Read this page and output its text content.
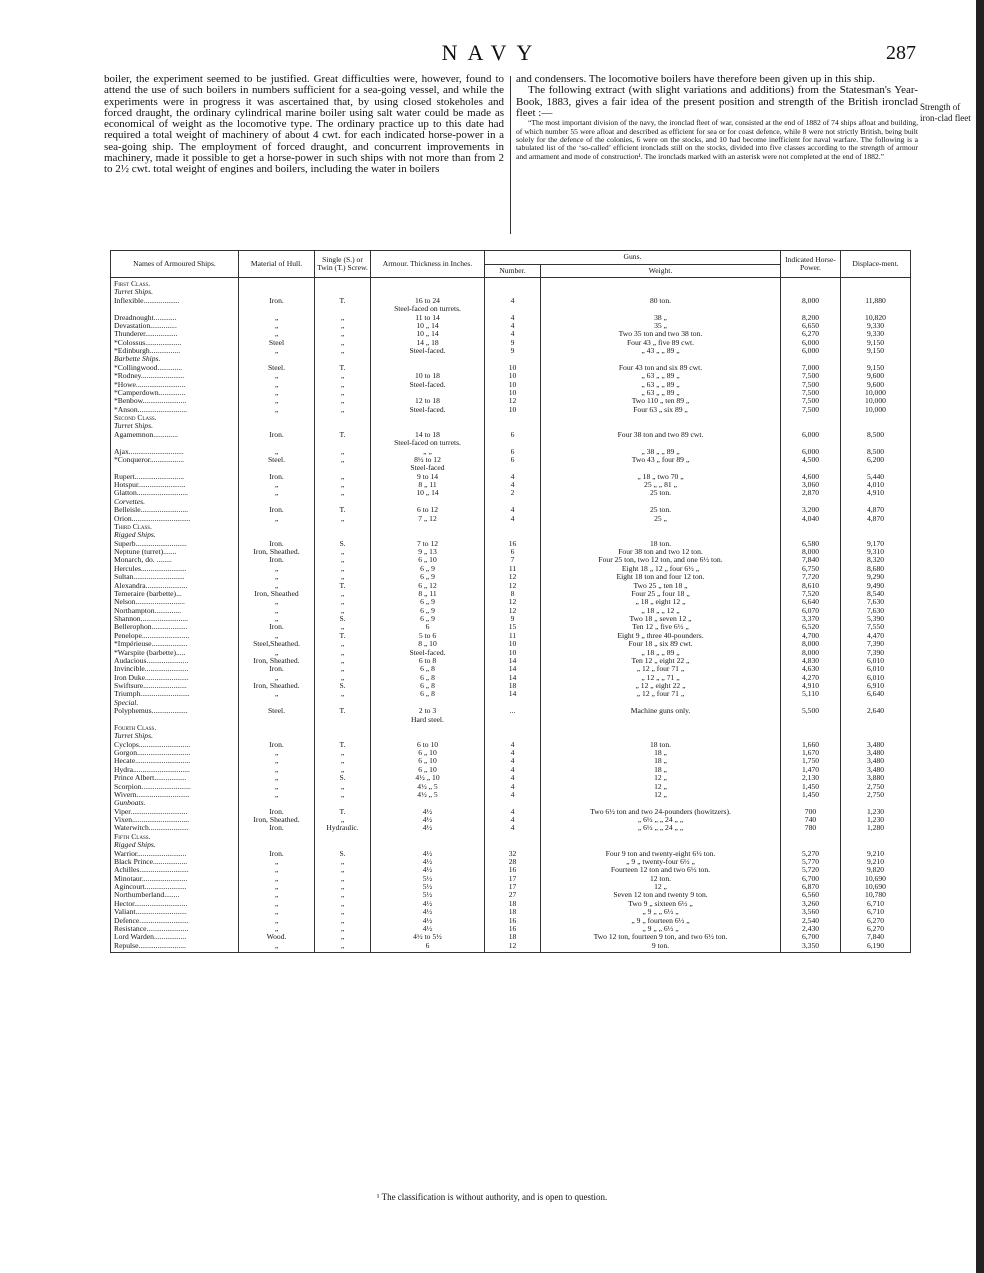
NAVY	287

boiler, the experiment seemed to be justified. Great difficulties were, however, found to attend the use of such boilers in numbers sufficient for a sea-going vessel, and while the experiments were in progress it was ascertained that, by using closed stokeholes and forced draught, the ordinary cylindrical marine boiler using salt water could be made as economical of weight as the locomotive type. The ordinary practice up to this date had required a total weight of machinery of about 4 cwt. for each indicated horse-power in a sea-going ship. The employment of forced draught, and concurrent improvements in machinery, made it possible to get a horse-power in such ships with not more than from 2 to 2½ cwt. total weight of engines and boilers, including the water in boilers

and condensers. The locomotive boilers have therefore been given up in this ship.

The following extract (with slight variations and additions) from the Statesman's Year-Book, 1883, gives a fair idea of the present position and strength of the British ironclad fleet :—

“The most important division of the navy, the ironclad fleet of war, consisted at the end of 1882 of 74 ships afloat and building, of which number 55 were afloat and described as efficient for sea or for coast defence, while 8 were not strictly British, being built solely for the defence of the colonies, 6 were on the stocks, and 10 had become inefficient for naval warfare. The following is a tabulated list of the ‘so-called’ efficient ironclads still on the stocks, divided into five classes according to the strength of armour and armament and mode of construction¹. The ironclads marked with an asterisk were not completed at the end of 1882.”

Strength of iron-clad fleet
Names of Armoured Ships.	Material of Hull.	Single (S.) or Twin (T.) Screw.	Armour. Thickness in Inches.	Guns.		Indicated Horse-Power.	Displace-ment.
				Number.	Weight.		
First Class.							
Turret Ships.							
Inflexible...................	Iron.	T.	16 to 24	4	80 ton.	8,000	11,880
			Steel-faced on turrets.				
Dreadnought............	„	„	11 to 14	4	38 „	8,200	10,820
Devastation..............	„	„	10 „ 14	4	35 „	6,650	9,330
Thunderer.................	„	„	10 „ 14	4	Two 35 ton and two 38 ton.	6,270	9,330
*Colossus...................	Steel	„	14 „ 18	9	Four 43 „ five 89 cwt.	6,000	9,150
*Edinburgh................	„	„	Steel-faced.	9	„ 43 „ „ 89 „	6,000	9,150
Barbette Ships.							
*Collingwood.............	Steel.	T.		10	Four 43 ton and six 89 cwt.	7,000	9,150
*Rodney.......................	„	„	10 to 18	10	„ 63 „ „ 89 „	7,500	9,600
*Howe..........................	„	„	Steel-faced.	10	„ 63 „ „ 89 „	7,500	9,600
*Camperdown..............	„	„		10	„ 63 „ „ 89 „	7,500	10,000
*Benbow.......................	„	„	12 to 18	12	Two 110 „ ten 89 „	7,500	10,000
*Anson..........................	„	„	Steel-faced.	10	Four 63 „ six 89 „	7,500	10,000
Second Class.							
Turret Ships.							
Agamemnon.............	Iron.	T.	14 to 18	6	Four 38 ton and two 89 cwt.	6,000	8,500
			Steel-faced on turrets.				
Ajax.............................	„	„	„ „	6	„ 38 „ „ 89 „	6,000	8,500
*Conqueror..................	Steel.	„	8½ to 12	6	Two 43 „ four 89 „	4,500	6,200
			Steel-faced				
Rupert..........................	Iron.	„	9 to 14	4	„ 18 „ two 70 „	4,600	5,440
Hotspur.........................	„	„	8 „ 11	4	25 „ „ 81 „	3,060	4,010
Glatton...........................	„	„	10 „ 14	2	25 ton.	2,870	4,910
Corvettes.							
Belleisle.........................	Iron.	T.	6 to 12	4	25 ton.	3,200	4,870
Orion...............................	„	„	7 „ 12	4	25 „	4,040	4,870
Third Class.							
Rigged Ships.							
Superb...........................	Iron.	S.	7 to 12	16	18 ton.	6,580	9,170
Neptune (turret).......	Iron, Sheathed.	„	9 „ 13	6	Four 38 ton and two 12 ton.	8,000	9,310
Monarch, do. ........	Iron.	„	6 „ 10	7	Four 25 ton, two 12 ton, and one 6½ ton.	7,840	8,320
Hercules........................	„	„	6 „ 9	11	Eight 18 „ 12 „ four 6½ „	6,750	8,680
Sultan...........................	„	„	6 „ 9	12	Eight 18 ton and four 12 ton.	7,720	9,290
Alexandra......................	„	T.	6 „ 12	12	Two 25 „ ten 18 „	8,610	9,490
Temeraire (barbette)...	Iron, Sheathed	„	8 „ 11	8	Four 25 „ four 18 „	7,520	8,540
Nelson..........................	„	„	6 „ 9	12	„ 18 „ eight 12 „	6,640	7,630
Northampton..............	„	„	6 „ 9	12	„ 18 „ „ 12 „	6,070	7,630
Shannon.........................	„	S.	6 „ 9	9	Two 18 „ seven 12 „	3,370	5,390
Bellerophon...................	Iron.	„	6	15	Ten 12 „ five 6½ „	6,520	7,550
Penelope.........................	„	T.	5 to 6	11	Eight 9 „ three 40-pounders.	4,700	4,470
*Impérieuse...................	Steel,Sheathed.	„	8 „ 10	10	Four 18 „ six 89 cwt.	8,000	7,390
*Warspite (barbette).....	„	„	Steel-faced.	10	„ 18 „ „ 89 „	8,000	7,390
Audacious......................	Iron, Sheathed.	„	6 to 8	14	Ten 12 „ eight 22 „	4,830	6,010
Invincible.......................	Iron.	„	6 „ 8	14	„ 12 „ four 71 „	4,630	6,010
Iron Duke.......................	„	„	6 „ 8	14	„ 12 „ „ 71 „	4,270	6,010
Swiftsure.......................	Iron, Sheathed.	S.	6 „ 8	18	„ 12 „ eight 22 „	4,910	6,910
Triumph..........................	„	„	6 „ 8	14	„ 12 „ four 71 „	5,110	6,640
Special.							
Polyphemus...................	Steel.	T.	2 to 3	...	Machine guns only.	5,500	2,640
			Hard steel.				
Fourth Class.							
Turret Ships.							
Cyclops...........................	Iron.	T.	6 to 10	4	18 ton.	1,660	3,480
Gorgon............................	„	„	6 „ 10	4	18 „	1,670	3,480
Hecate.............................	„	„	6 „ 10	4	18 „	1,750	3,480
Hydra..............................	„	„	6 „ 10	4	18 „	1,470	3,480
Prince Albert.................	„	S.	4½ „ 10	4	12 „	2,130	3,880
Scorpion..........................	„	„	4½ „ 5	4	12 „	1,450	2,750
Wivern............................	„	„	4½ „ 5	4	12 „	1,450	2,750
Gunboats.							
Viper..............................	Iron.	T.	4½	4	Two 6½ ton and two 24-pounders (howitzers).	700	1,230
Vixen..............................	Iron, Sheathed.	„	4½	4	„ 6½ „ „ 24 „ „	740	1,230
Waterwitch.....................	Iron.	Hydraulic.	4½	4	„ 6½ „ „ 24 „ „	780	1,280
Fifth Class.							
Rigged Ships.							
Warrior..........................	Iron.	S.	4½	32	Four 9 ton and twenty-eight 6½ ton.	5,270	9,210
Black Prince..................	„	„	4½	28	„ 9 „ twenty-four 6½ „	5,770	9,210
Achilles..........................	„	„	4½	16	Fourteen 12 ton and two 6½ ton.	5,720	9,820
Minotaur........................	„	„	5½	17	12 ton.	6,700	10,690
Agincourt......................	„	„	5½	17	12 „	6,870	10,690
Northumberland........	„	„	5½	27	Seven 12 ton and twenty 9 ton.	6,560	10,780
Hector............................	„	„	4½	18	Two 9 „ sixteen 6½ „	3,260	6,710
Valiant...........................	„	„	4½	18	„ 9 „ „ 6½ „	3,560	6,710
Defence..........................	„	„	4½	16	„ 9 „ fourteen 6½ „	2,540	6,270
Resistance......................	„	„	4½	16	„ 9 „ „ 6½ „	2,430	6,270
Lord Warden.................	Wood.	„	4½ to 5½	18	Two 12 ton, fourteen 9 ton, and two 6½ ton.	6,700	7,840
Repulse.........................	„	„	6	12	9 ton.	3,350	6,190
¹ The classification is without authority, and is open to question.
